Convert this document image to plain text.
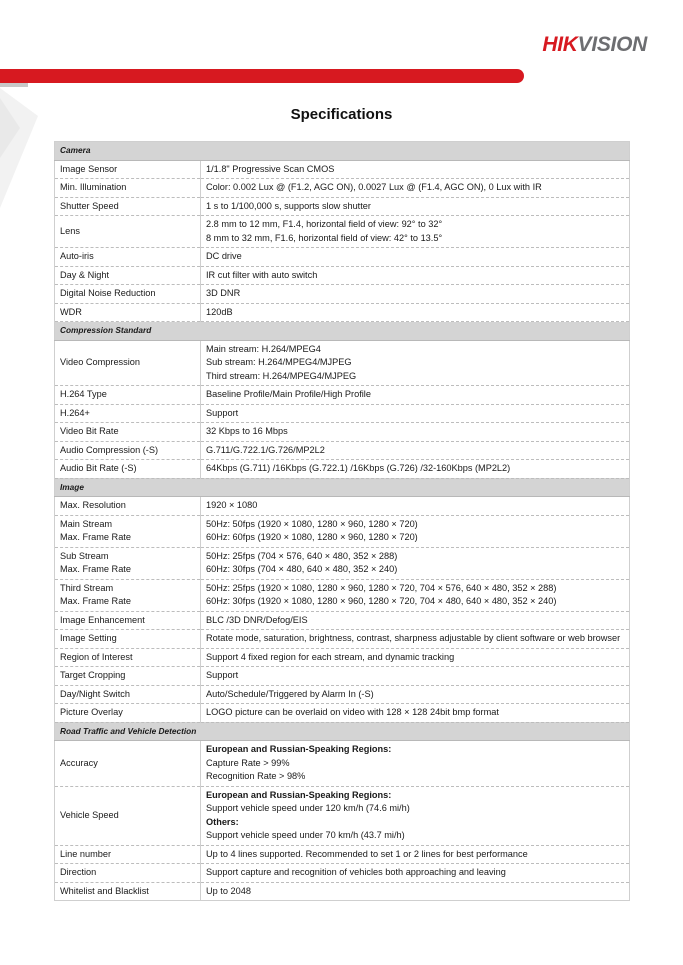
HIKVISION
Specifications
Camera	

Image Sensor	1/1.8" Progressive Scan CMOS

Min. Illumination	Color: 0.002 Lux @ (F1.2, AGC ON), 0.0027 Lux @ (F1.4, AGC ON), 0 Lux with IR

Shutter Speed	1 s to 1/100,000 s, supports slow shutter

Lens	2.8 mm to 12 mm, F1.4, horizontal field of view: 92° to 32°
8 mm to 32 mm, F1.6, horizontal field of view: 42° to 13.5°

Auto-iris	DC drive

Day & Night	IR cut filter with auto switch

Digital Noise Reduction	3D DNR

WDR	120dB

Compression Standard	

Video Compression	Main stream: H.264/MPEG4
Sub stream: H.264/MPEG4/MJPEG
Third stream: H.264/MPEG4/MJPEG

H.264 Type	Baseline Profile/Main Profile/High Profile

H.264+	Support

Video Bit Rate	32 Kbps to 16 Mbps

Audio Compression (-S)	G.711/G.722.1/G.726/MP2L2

Audio Bit Rate (-S)	64Kbps (G.711) /16Kbps (G.722.1) /16Kbps (G.726) /32-160Kbps (MP2L2)

Image	

Max. Resolution	1920 × 1080

Main Stream
Max. Frame Rate	50Hz: 50fps (1920 × 1080, 1280 × 960, 1280 × 720)
60Hz: 60fps (1920 × 1080, 1280 × 960, 1280 × 720)

Sub Stream
Max. Frame Rate	50Hz: 25fps (704 × 576, 640 × 480, 352 × 288)
60Hz: 30fps (704 × 480, 640 × 480, 352 × 240)

Third Stream
Max. Frame Rate	50Hz: 25fps (1920 × 1080, 1280 × 960, 1280 × 720, 704 × 576, 640 × 480, 352 × 288)
60Hz: 30fps (1920 × 1080, 1280 × 960, 1280 × 720, 704 × 480, 640 × 480, 352 × 240)

Image Enhancement	BLC /3D DNR/Defog/EIS

Image Setting	Rotate mode, saturation, brightness, contrast, sharpness adjustable by client software or web browser

Region of Interest	Support 4 fixed region for each stream, and dynamic tracking

Target Cropping	Support

Day/Night Switch	Auto/Schedule/Triggered by Alarm In (-S)

Picture Overlay	LOGO picture can be overlaid on video with 128 × 128 24bit bmp format

Road Traffic and Vehicle Detection	

Accuracy	European and Russian-Speaking Regions:
Capture Rate > 99%
Recognition Rate > 98%

Vehicle Speed	European and Russian-Speaking Regions:
Support vehicle speed under 120 km/h (74.6 mi/h)
Others:
Support vehicle speed under 70 km/h (43.7 mi/h)

Line number	Up to 4 lines supported. Recommended to set 1 or 2 lines for best performance

Direction	Support capture and recognition of vehicles both approaching and leaving

Whitelist and Blacklist	Up to 2048
